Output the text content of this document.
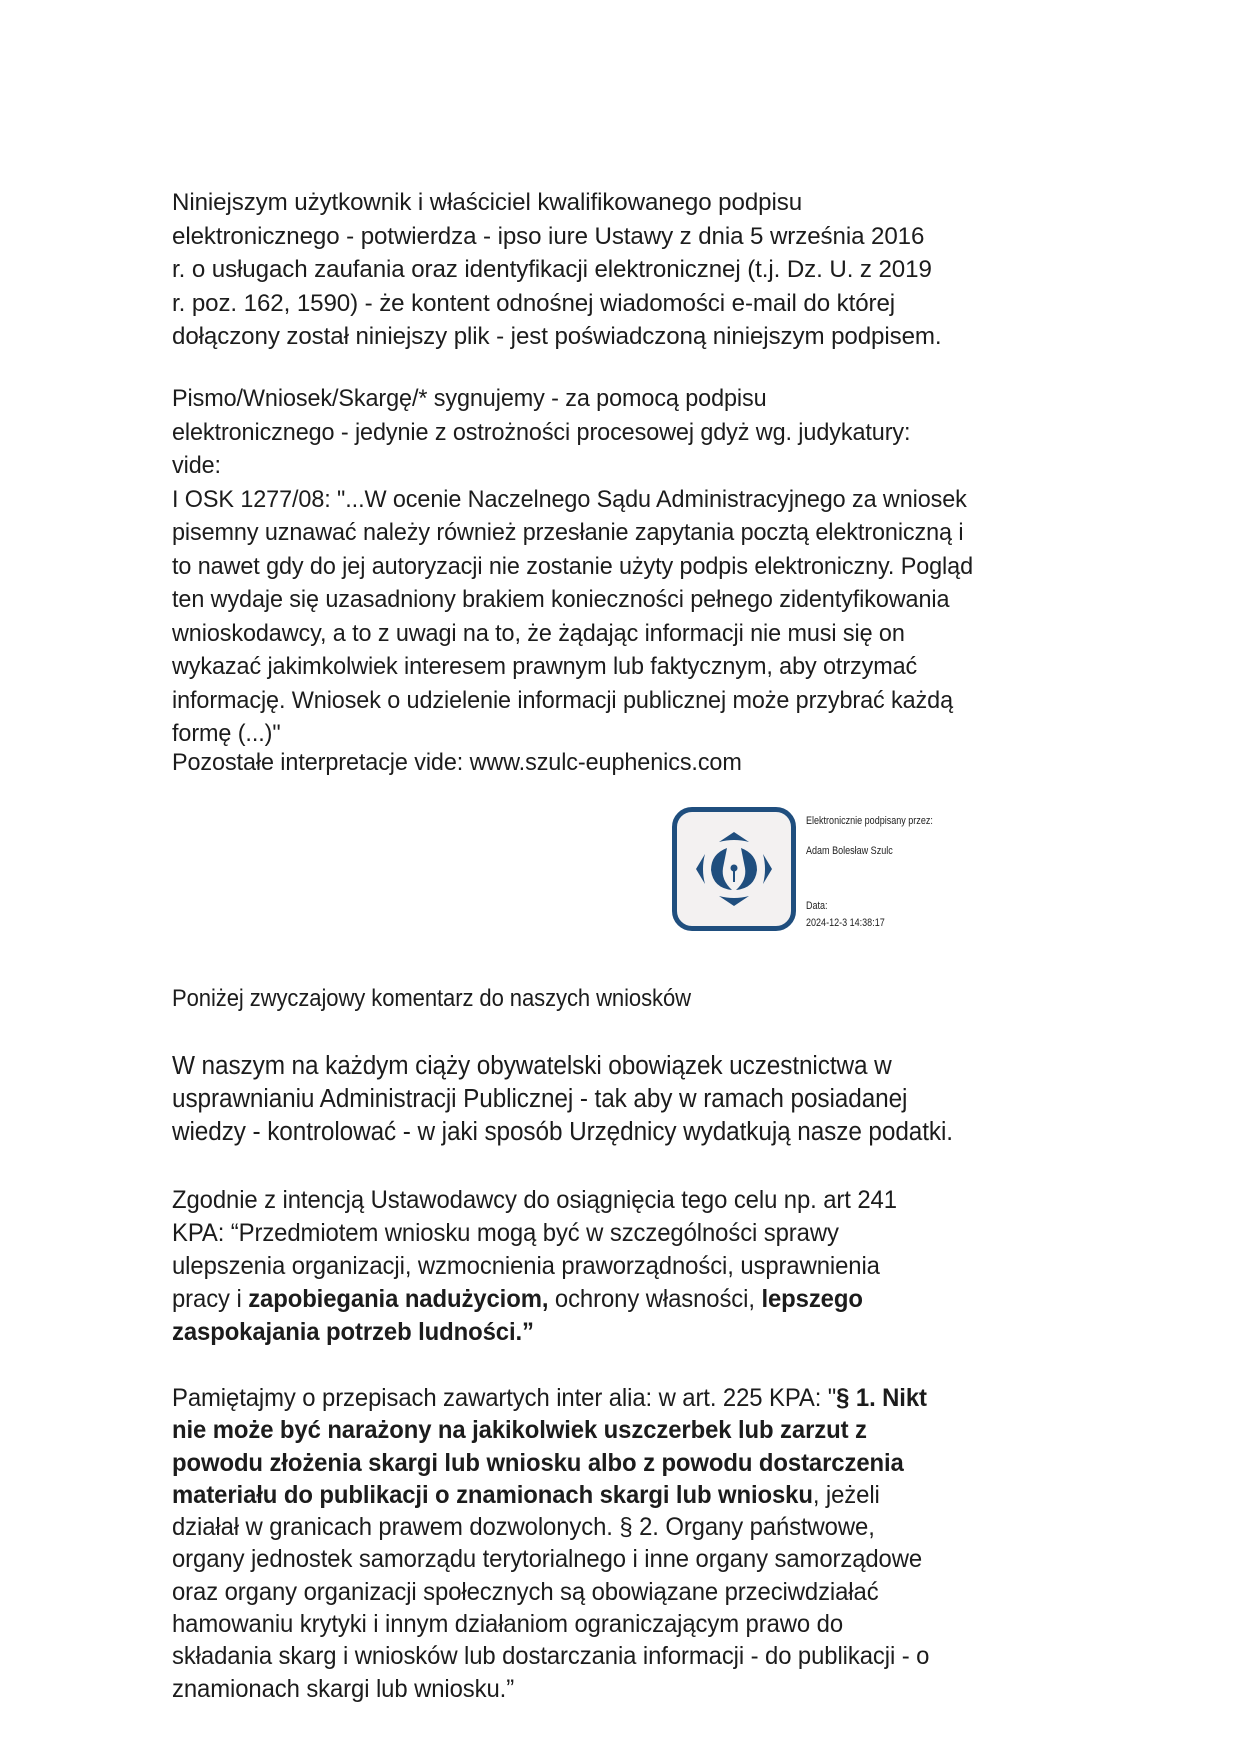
Niniejszym użytkownik i właściciel kwalifikowanego podpisu
elektronicznego - potwierdza - ipso iure Ustawy z dnia 5 września 2016
r. o usługach zaufania oraz identyfikacji elektronicznej (t.j. Dz. U. z 2019
r. poz. 162, 1590) - że kontent odnośnej wiadomości e-mail do której
dołączony został niniejszy plik - jest poświadczoną niniejszym podpisem.
Pismo/Wniosek/Skargę/* sygnujemy - za pomocą podpisu
elektronicznego - jedynie z ostrożności procesowej gdyż wg. judykatury:
vide:
I OSK 1277/08: "...W ocenie Naczelnego Sądu Administracyjnego za wniosek
pisemny uznawać należy również przesłanie zapytania pocztą elektroniczną i
to nawet gdy do jej autoryzacji nie zostanie użyty podpis elektroniczny. Pogląd
ten wydaje się uzasadniony brakiem konieczności pełnego zidentyfikowania
wnioskodawcy, a to z uwagi na to, że żądając informacji nie musi się on
wykazać jakimkolwiek interesem prawnym lub faktycznym, aby otrzymać
informację. Wniosek o udzielenie informacji publicznej może przybrać każdą
formę (...)"
Pozostałe interpretacje vide: www.szulc-euphenics.com
Elektronicznie podpisany przez:
Adam Bolesław Szulc
Data:
2024-12-3 14:38:17
Poniżej zwyczajowy komentarz do naszych wniosków
W naszym na każdym ciąży obywatelski obowiązek uczestnictwa w
usprawnianiu Administracji Publicznej - tak aby w ramach posiadanej
wiedzy - kontrolować - w jaki sposób Urzędnicy wydatkują nasze podatki.
Zgodnie z intencją Ustawodawcy do osiągnięcia tego celu np. art 241
KPA: “Przedmiotem wniosku mogą być w szczególności sprawy
ulepszenia organizacji, wzmocnienia praworządności, usprawnienia
pracy i zapobiegania nadużyciom, ochrony własności, lepszego
zaspokajania potrzeb ludności.”
Pamiętajmy o przepisach zawartych inter alia: w art. 225 KPA: "§ 1. Nikt
nie może być narażony na jakikolwiek uszczerbek lub zarzut z
powodu złożenia skargi lub wniosku albo z powodu dostarczenia
materiału do publikacji o znamionach skargi lub wniosku, jeżeli
działał w granicach prawem dozwolonych. § 2. Organy państwowe,
organy jednostek samorządu terytorialnego i inne organy samorządowe
oraz organy organizacji społecznych są obowiązane przeciwdziałać
hamowaniu krytyki i innym działaniom ograniczającym prawo do
składania skarg i wniosków lub dostarczania informacji - do publikacji - o
znamionach skargi lub wniosku.”
